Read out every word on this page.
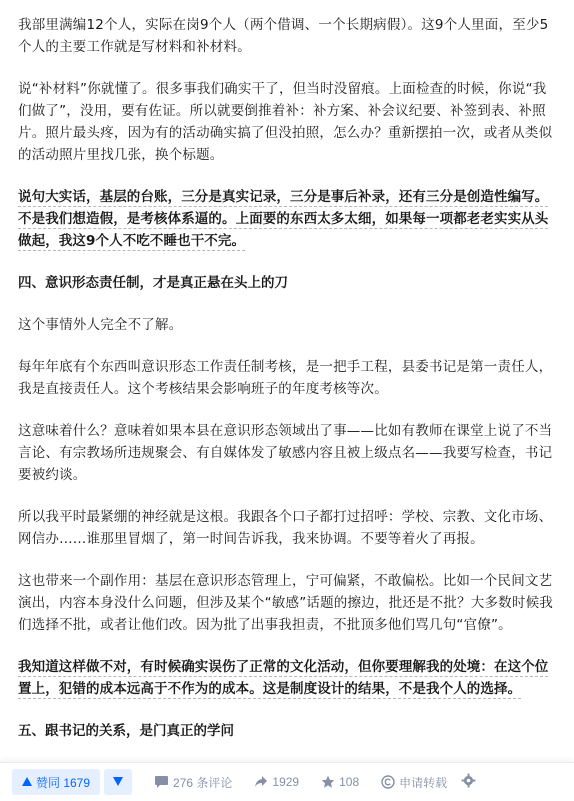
我部里满编12个人，实际在岗9个人（两个借调、一个长期病假）。这9个人里面，至少5个人的主要工作就是写材料和补材料。

说“补材料”你就懂了。很多事我们确实干了，但当时没留痕。上面检查的时候，你说“我们做了”，没用，要有佐证。所以就要倒推着补：补方案、补会议纪要、补签到表、补照片。照片最头疼，因为有的活动确实搞了但没拍照，怎么办？重新摆拍一次，或者从类似的活动照片里找几张，换个标题。

说句大实话，基层的台账，三分是真实记录，三分是事后补录，还有三分是创造性编写。不是我们想造假，是考核体系逼的。上面要的东西太多太细，如果每一项都老老实实从头做起，我这9个人不吃不睡也干不完。

四、意识形态责任制，才是真正悬在头上的刀

这个事情外人完全不了解。

每年年底有个东西叫意识形态工作责任制考核，是一把手工程，县委书记是第一责任人，我是直接责任人。这个考核结果会影响班子的年度考核等次。

这意味着什么？意味着如果本县在意识形态领域出了事——比如有教师在课堂上说了不当言论、有宗教场所违规聚会、有自媒体发了敏感内容且被上级点名——我要写检查，书记要被约谈。

所以我平时最紧绷的神经就是这根。我跟各个口子都打过招呼：学校、宗教、文化市场、网信办……谁那里冒烟了，第一时间告诉我，我来协调。不要等着火了再报。

这也带来一个副作用：基层在意识形态管理上，宁可偏紧，不敢偏松。比如一个民间文艺演出，内容本身没什么问题，但涉及某个“敏感”话题的擦边，批还是不批？大多数时候我们选择不批，或者让他们改。因为批了出事我担责，不批顶多他们骂几句“官僚”。

我知道这样做不对，有时候确实误伤了正常的文化活动，但你要理解我的处境：在这个位置上，犯错的成本远高于不作为的成本。这是制度设计的结果，不是我个人的选择。

五、跟书记的关系，是门真正的学问

赞同 1679	276 条评论	1929	108	申请转载
